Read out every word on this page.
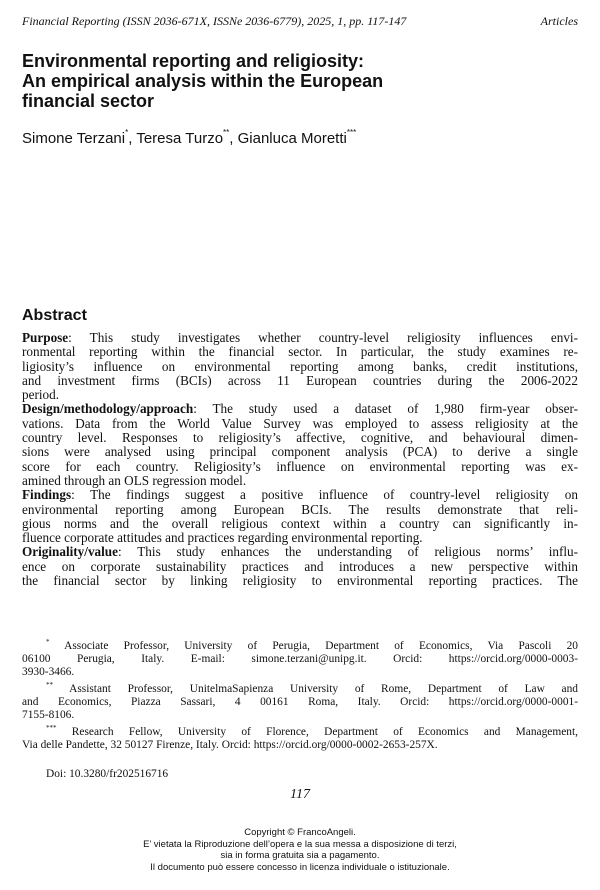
Financial Reporting (ISSN 2036-671X, ISSNe 2036-6779), 2025, 1, pp. 117-147	Articles
Environmental reporting and religiosity:
An empirical analysis within the European
financial sector
Simone Terzani*, Teresa Turzo**, Gianluca Moretti***
Abstract
Purpose: This study investigates whether country-level religiosity influences envi-
ronmental reporting within the financial sector. In particular, the study examines re-
ligiosity’s influence on environmental reporting among banks, credit institutions,
and investment firms (BCIs) across 11 European countries during the 2006-2022
period.
Design/methodology/approach: The study used a dataset of 1,980 firm-year obser-
vations. Data from the World Value Survey was employed to assess religiosity at the
country level. Responses to religiosity’s affective, cognitive, and behavioural dimen-
sions were analysed using principal component analysis (PCA) to derive a single
score for each country. Religiosity’s influence on environmental reporting was ex-
amined through an OLS regression model.
Findings: The findings suggest a positive influence of country-level religiosity on
environmental reporting among European BCIs. The results demonstrate that reli-
gious norms and the overall religious context within a country can significantly in-
fluence corporate attitudes and practices regarding environmental reporting.
Originality/value: This study enhances the understanding of religious norms’ influ-
ence on corporate sustainability practices and introduces a new perspective within
the financial sector by linking religiosity to environmental reporting practices. The
* Associate Professor, University of Perugia, Department of Economics, Via Pascoli 20
06100 Perugia, Italy. E-mail: simone.terzani@unipg.it. Orcid: https://orcid.org/0000-0003-
3930-3466.
** Assistant Professor, UnitelmaSapienza University of Rome, Department of Law and
and Economics, Piazza Sassari, 4 00161 Roma, Italy. Orcid: https://orcid.org/0000-0001-
7155-8106.
*** Research Fellow, University of Florence, Department of Economics and Management,
Via delle Pandette, 32 50127 Firenze, Italy. Orcid: https://orcid.org/0000-0002-2653-257X.
Doi: 10.3280/fr202516716
117
Copyright © FrancoAngeli.
E’ vietata la Riproduzione dell’opera e la sua messa a disposizione di terzi,
sia in forma gratuita sia a pagamento.
Il documento può essere concesso in licenza individuale o istituzionale.
